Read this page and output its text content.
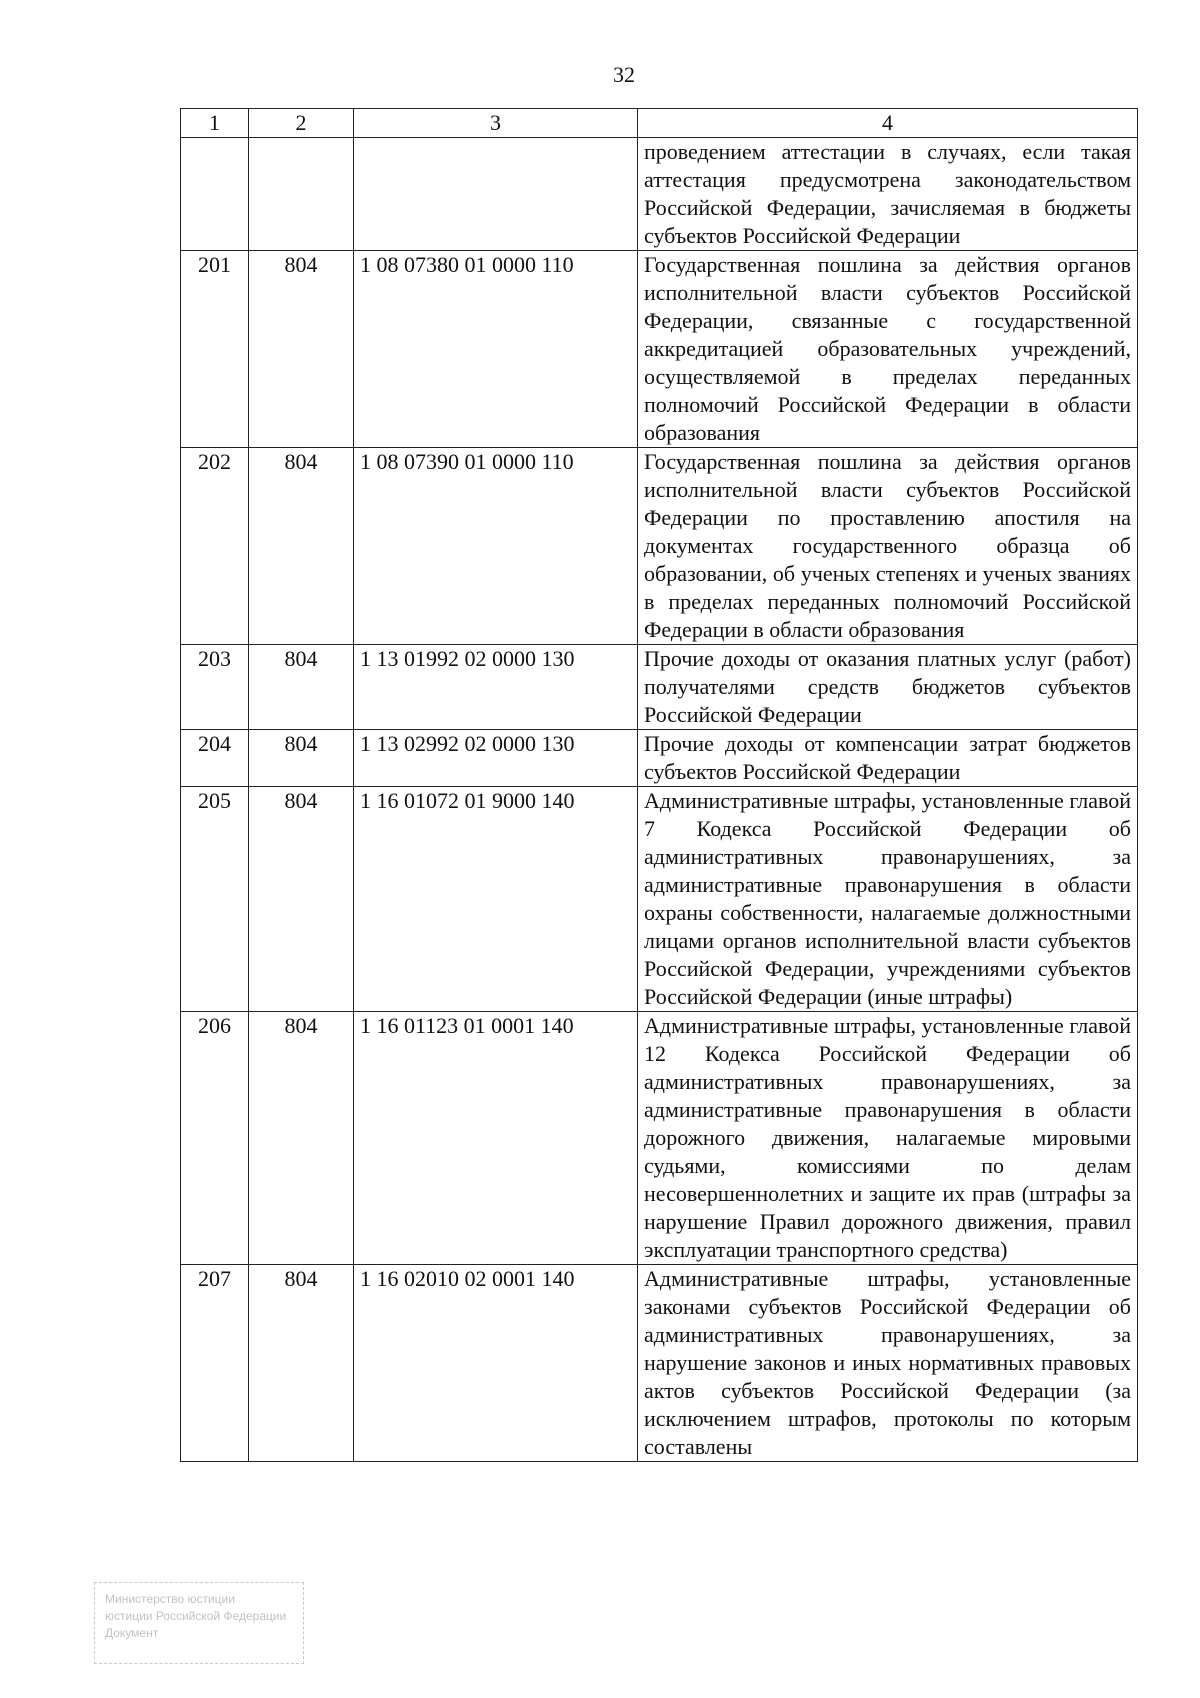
32
1	2	3	4
			проведением аттестации в случаях, если такая аттестация предусмотрена законодательством Российской Федерации, зачисляемая в бюджеты субъектов Российской Федерации
201	804	1 08 07380 01 0000 110	Государственная пошлина за действия органов исполнительной власти субъектов Российской Федерации, связанные с государственной аккредитацией образовательных учреждений, осуществляемой в пределах переданных полномочий Российской Федерации в области образования
202	804	1 08 07390 01 0000 110	Государственная пошлина за действия органов исполнительной власти субъектов Российской Федерации по проставлению апостиля на документах государственного образца об образовании, об ученых степенях и ученых званиях в пределах переданных полномочий Российской Федерации в области образования
203	804	1 13 01992 02 0000 130	Прочие доходы от оказания платных услуг (работ) получателями средств бюджетов субъектов Российской Федерации
204	804	1 13 02992 02 0000 130	Прочие доходы от компенсации затрат бюджетов субъектов Российской Федерации
205	804	1 16 01072 01 9000 140	Административные штрафы, установленные главой 7 Кодекса Российской Федерации об административных правонарушениях, за административные правонарушения в области охраны собственности, налагаемые должностными лицами органов исполнительной власти субъектов Российской Федерации, учреждениями субъектов Российской Федерации (иные штрафы)
206	804	1 16 01123 01 0001 140	Административные штрафы, установленные главой 12 Кодекса Российской Федерации об административных правонарушениях, за административные правонарушения в области дорожного движения, налагаемые мировыми судьями, комиссиями по делам несовершеннолетних и защите их прав (штрафы за нарушение Правил дорожного движения, правил эксплуатации транспортного средства)
207	804	1 16 02010 02 0001 140	Административные штрафы, установленные законами субъектов Российской Федерации об административных правонарушениях, за нарушение законов и иных нормативных правовых актов субъектов Российской Федерации (за исключением штрафов, протоколы по которым составлены
Министерство юстиции
юстиции Российской Федерации
Документ
